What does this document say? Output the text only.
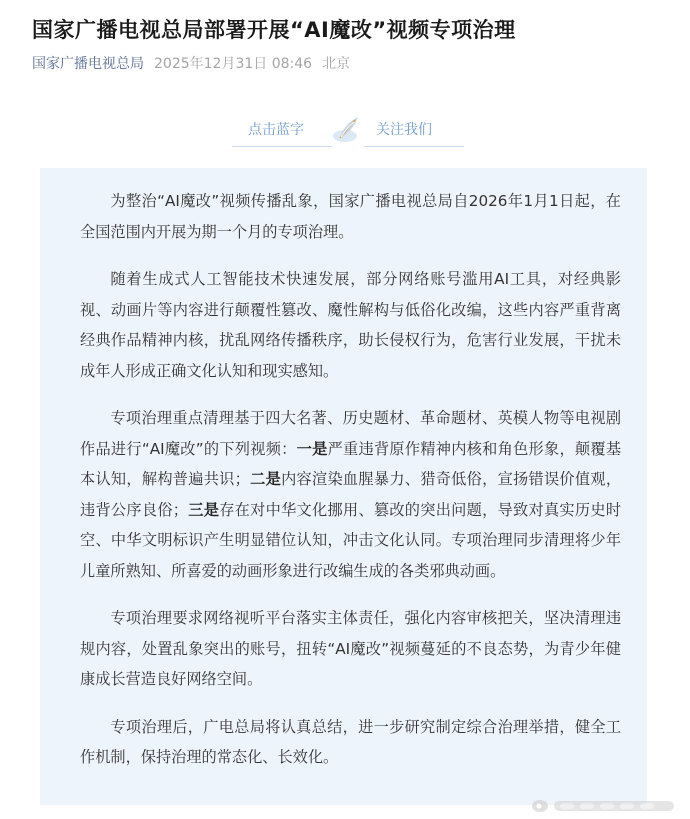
国家广播电视总局部署开展“AI魔改”视频专项治理
国家广播电视总局 2025年12月31日 08:46 北京
点击蓝字	关注我们

为整治“AI魔改”视频传播乱象，国家广播电视总局自2026年1月1日起，在全国范围内开展为期一个月的专项治理。

随着生成式人工智能技术快速发展，部分网络账号滥用AI工具，对经典影视、动画片等内容进行颠覆性篡改、魔性解构与低俗化改编，这些内容严重背离经典作品精神内核，扰乱网络传播秩序，助长侵权行为，危害行业发展，干扰未成年人形成正确文化认知和现实感知。

专项治理重点清理基于四大名著、历史题材、革命题材、英模人物等电视剧作品进行“AI魔改”的下列视频：一是严重违背原作精神内核和角色形象，颠覆基本认知，解构普遍共识；二是内容渲染血腥暴力、猎奇低俗，宣扬错误价值观，违背公序良俗；三是存在对中华文化挪用、篡改的突出问题，导致对真实历史时空、中华文明标识产生明显错位认知，冲击文化认同。专项治理同步清理将少年儿童所熟知、所喜爱的动画形象进行改编生成的各类邪典动画。

专项治理要求网络视听平台落实主体责任，强化内容审核把关，坚决清理违规内容，处置乱象突出的账号，扭转“AI魔改”视频蔓延的不良态势，为青少年健康成长营造良好网络空间。

专项治理后，广电总局将认真总结，进一步研究制定综合治理举措，健全工作机制，保持治理的常态化、长效化。
